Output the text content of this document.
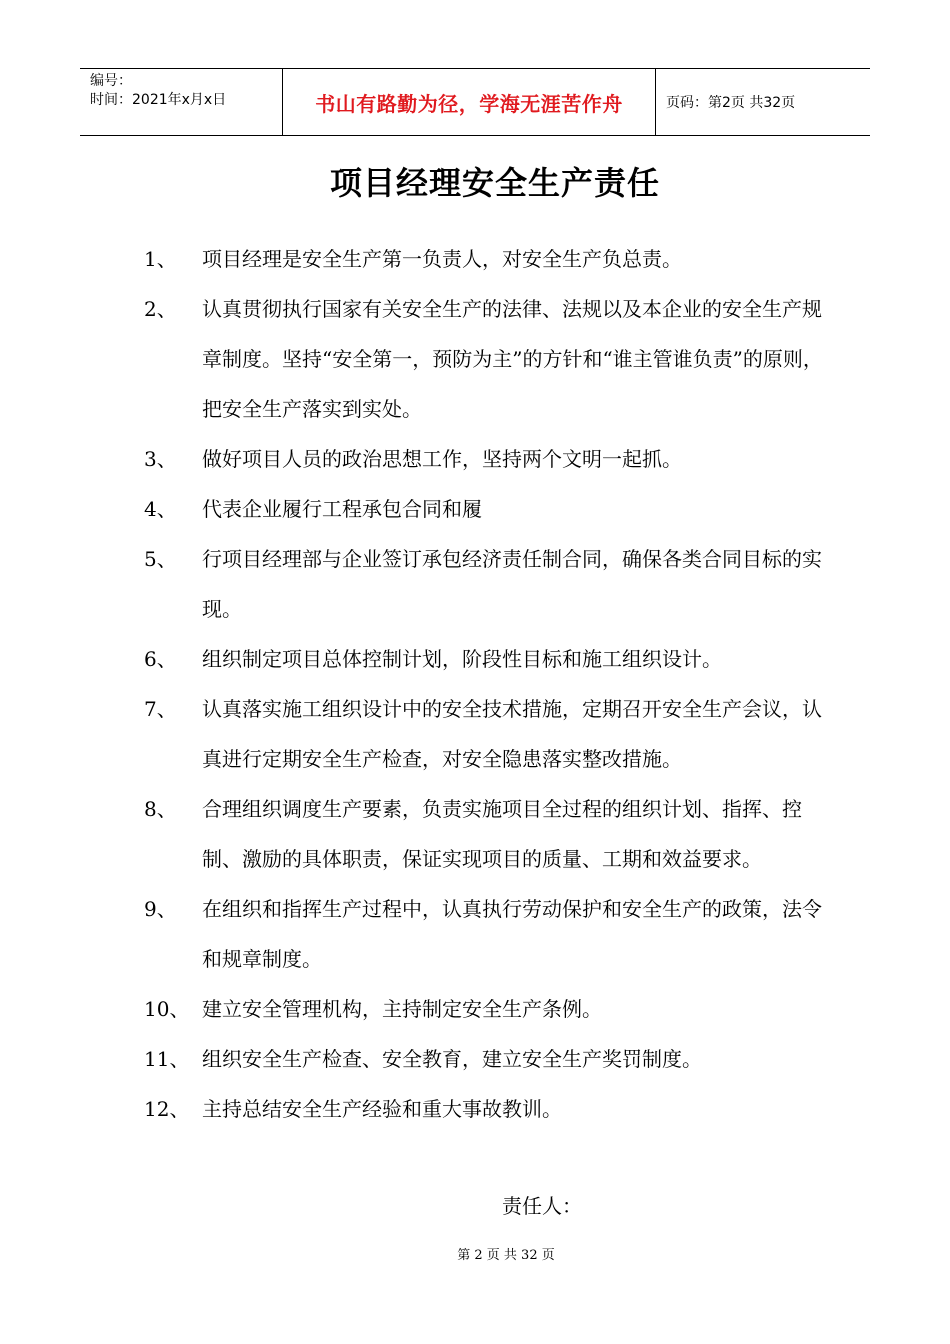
编号：
时间：2021年x月x日	书山有路勤为径，学海无涯苦作舟	页码：第2页 共32页
项目经理安全生产责任
1、 项目经理是安全生产第一负责人，对安全生产负总责。
2、 认真贯彻执行国家有关安全生产的法律、法规以及本企业的安全生产规章制度。坚持“安全第一，预防为主”的方针和“谁主管谁负责”的原则，把安全生产落实到实处。
3、 做好项目人员的政治思想工作，坚持两个文明一起抓。
4、 代表企业履行工程承包合同和履
5、 行项目经理部与企业签订承包经济责任制合同，确保各类合同目标的实现。
6、 组织制定项目总体控制计划，阶段性目标和施工组织设计。
7、 认真落实施工组织设计中的安全技术措施，定期召开安全生产会议，认真进行定期安全生产检查，对安全隐患落实整改措施。
8、 合理组织调度生产要素，负责实施项目全过程的组织计划、指挥、控制、激励的具体职责，保证实现项目的质量、工期和效益要求。
9、 在组织和指挥生产过程中，认真执行劳动保护和安全生产的政策，法令和规章制度。
10、 建立安全管理机构，主持制定安全生产条例。
11、 组织安全生产检查、安全教育，建立安全生产奖罚制度。
12、 主持总结安全生产经验和重大事故教训。
责任人：
第 2 页 共 32 页
